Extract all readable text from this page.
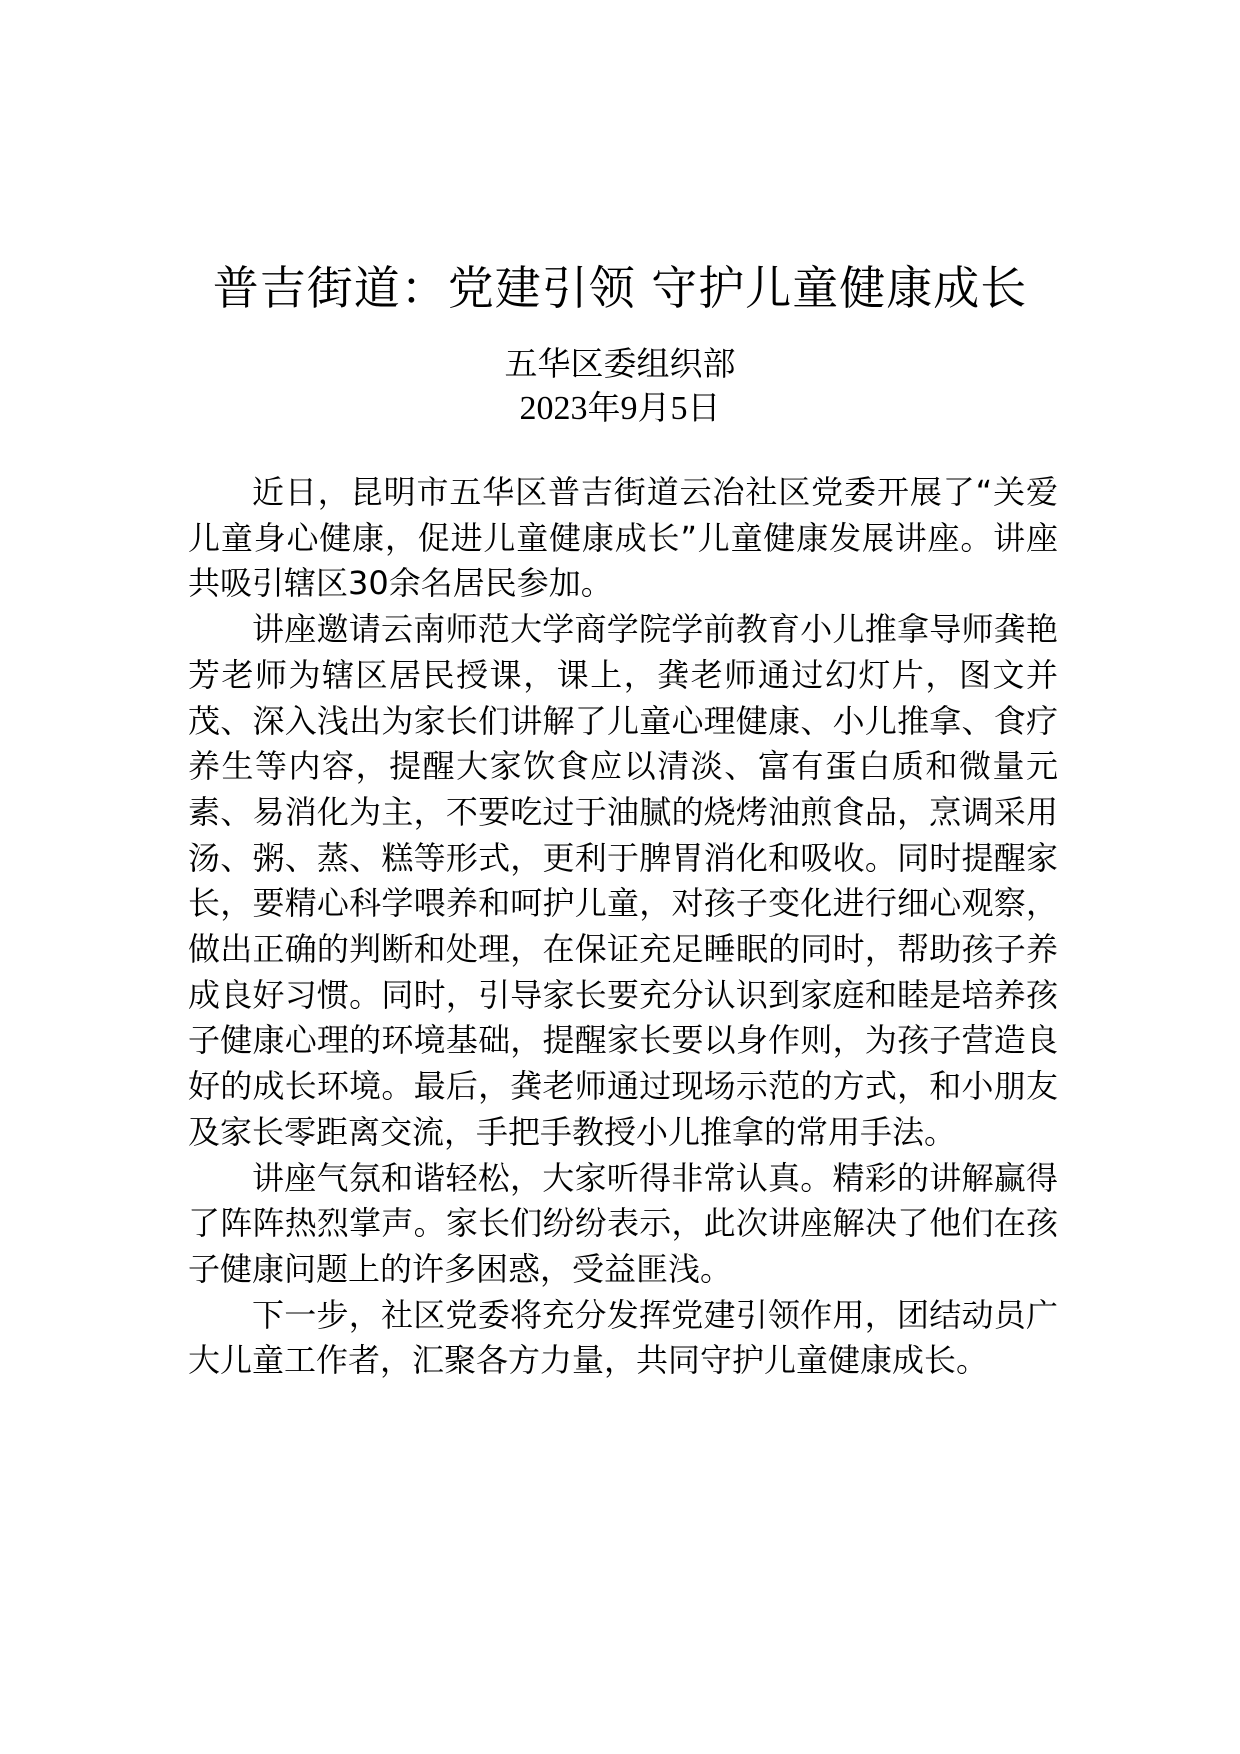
普吉街道：党建引领 守护儿童健康成长
五华区委组织部
2023年9月5日

近日，昆明市五华区普吉街道云冶社区党委开展了“关爱儿童身心健康，促进儿童健康成长”儿童健康发展讲座。讲座共吸引辖区30余名居民参加。

讲座邀请云南师范大学商学院学前教育小儿推拿导师龚艳芳老师为辖区居民授课，课上，龚老师通过幻灯片，图文并茂、深入浅出为家长们讲解了儿童心理健康、小儿推拿、食疗养生等内容，提醒大家饮食应以清淡、富有蛋白质和微量元素、易消化为主，不要吃过于油腻的烧烤油煎食品，烹调采用汤、粥、蒸、糕等形式，更利于脾胃消化和吸收。同时提醒家长，要精心科学喂养和呵护儿童，对孩子变化进行细心观察，做出正确的判断和处理，在保证充足睡眠的同时，帮助孩子养成良好习惯。同时，引导家长要充分认识到家庭和睦是培养孩子健康心理的环境基础，提醒家长要以身作则，为孩子营造良好的成长环境。最后，龚老师通过现场示范的方式，和小朋友及家长零距离交流，手把手教授小儿推拿的常用手法。

讲座气氛和谐轻松，大家听得非常认真。精彩的讲解赢得了阵阵热烈掌声。家长们纷纷表示，此次讲座解决了他们在孩子健康问题上的许多困惑，受益匪浅。

下一步，社区党委将充分发挥党建引领作用，团结动员广大儿童工作者，汇聚各方力量，共同守护儿童健康成长。
